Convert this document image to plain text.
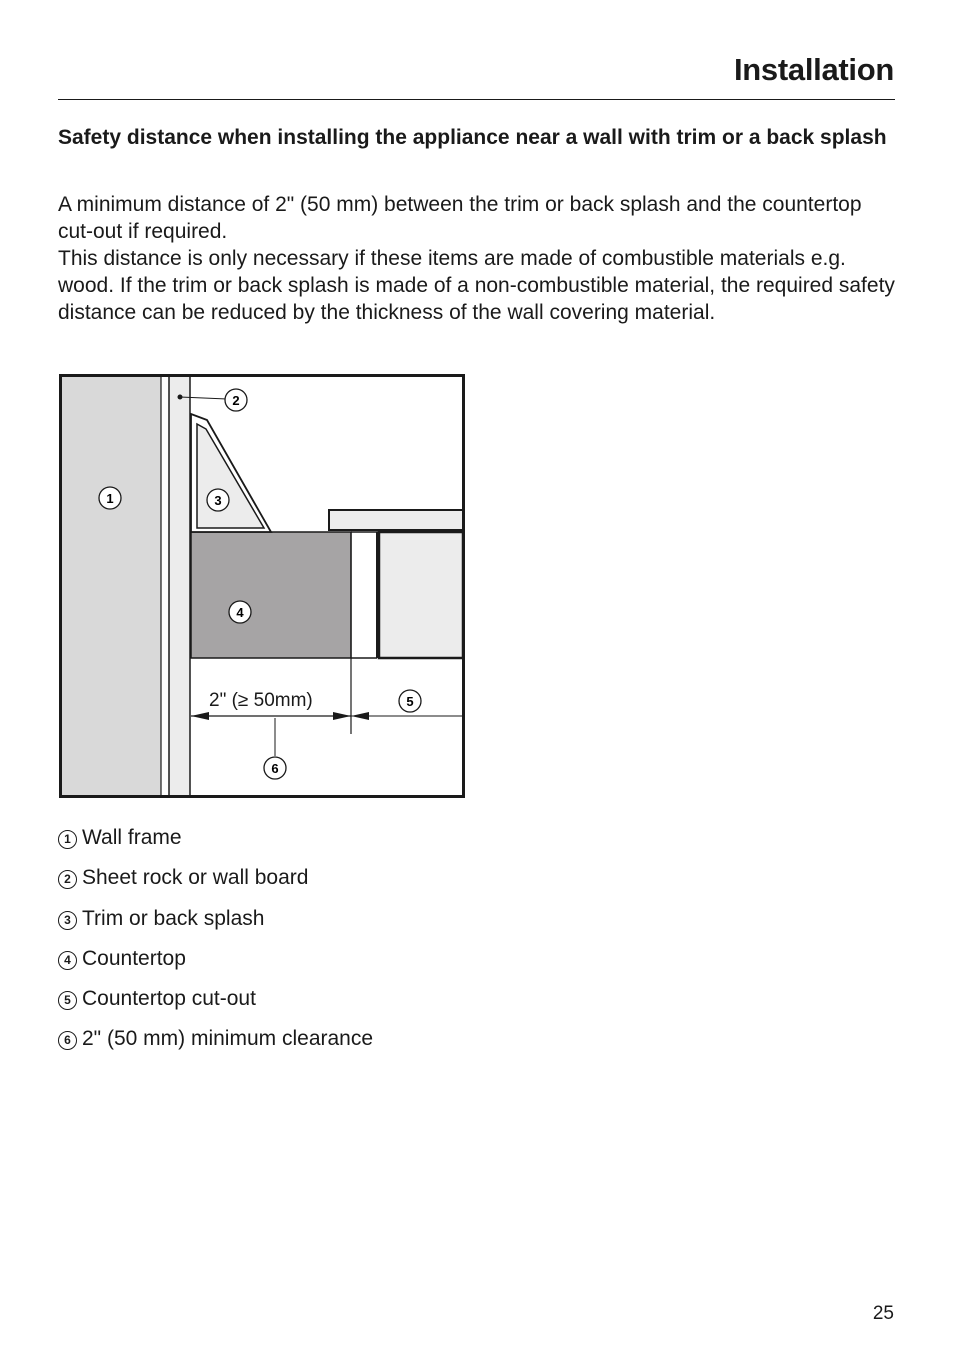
Installation
Safety distance when installing the appliance near a wall with trim or a back splash

A minimum distance of 2" (50 mm) between the trim or back splash and the countertop cut-out if required.

This distance is only necessary if these items are made of combustible materials e.g. wood. If the trim or back splash is made of a non-combustible material, the required safety distance can be reduced by the thickness of the wall covering material.

2" (≥ 50mm)
1
2
3
4
5
6
1 Wall frame
2 Sheet rock or wall board
3 Trim or back splash
4 Countertop
5 Countertop cut-out
6 2" (50 mm) minimum clearance
25
